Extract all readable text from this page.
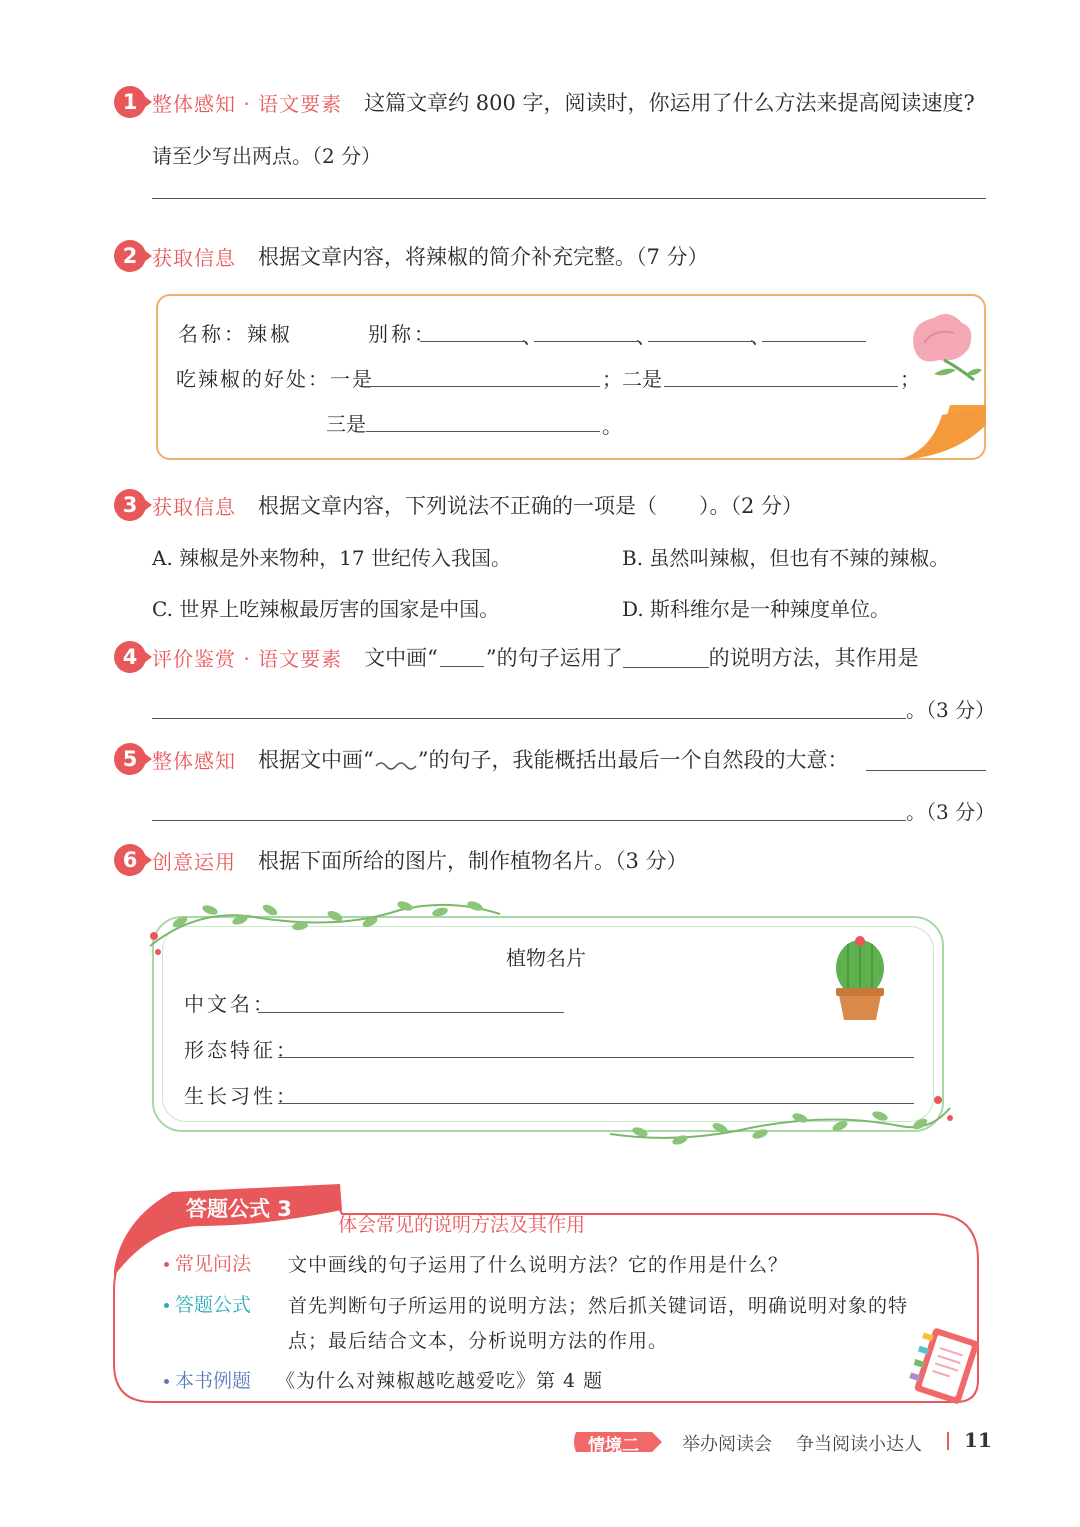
1 整体感知 · 语文要素 这篇文章约 800 字，阅读时，你运用了什么方法来提高阅读速度?
请至少写出两点。（2 分）
2 获取信息 根据文章内容，将辣椒的简介补充完整。（7 分）
名称：辣椒	别称：	、	、	、
吃辣椒的好处：一是	；二是	；
三是	。
3 获取信息 根据文章内容，下列说法不正确的一项是（　　）。（2 分）
A. 辣椒是外来物种，17 世纪传入我国。	B. 虽然叫辣椒，但也有不辣的辣椒。
C. 世界上吃辣椒最厉害的国家是中国。	D. 斯科维尔是一种辣度单位。
4 评价鉴赏 · 语文要素 文中画“ ”的句子运用了	的说明方法，其作用是
。（3 分）
5 整体感知 根据文中画“ ”的句子，我能概括出最后一个自然段的大意：
。（3 分）
6 创意运用 根据下面所给的图片，制作植物名片。（3 分）
植物名片
中文名：
形态特征：
生长习性：
答题公式 3
体会常见的说明方法及其作用
常见问法 文中画线的句子运用了什么说明方法？它的作用是什么？
答题公式 首先判断句子所运用的说明方法；然后抓关键词语，明确说明对象的特
点；最后结合文本，分析说明方法的作用。
本书例题 《为什么对辣椒越吃越爱吃》第 4 题
情境二 举办阅读会 争当阅读小达人 11
